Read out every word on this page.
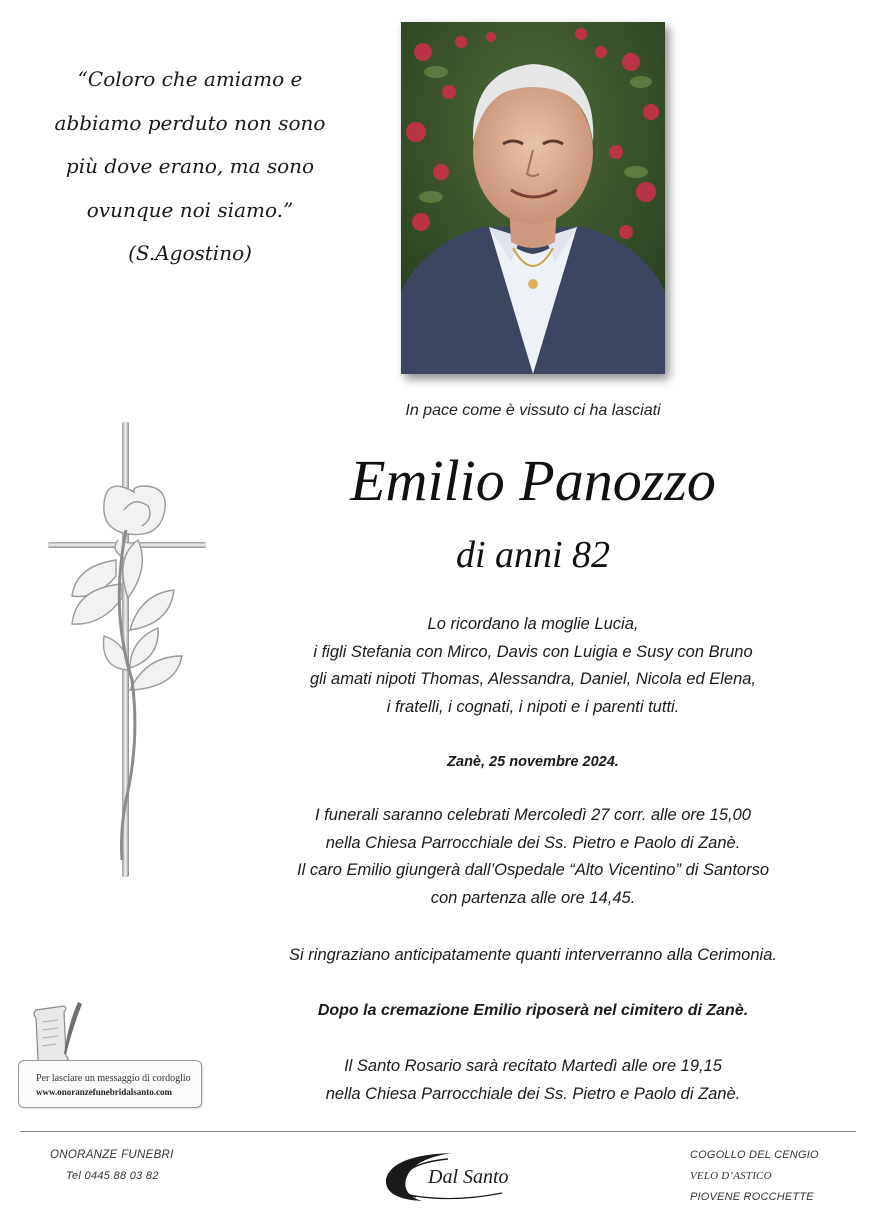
“Coloro che amiamo e
abbiamo perduto non sono
più dove erano, ma sono
ovunque noi siamo.”
(S.Agostino)
In pace come è vissuto ci ha lasciati
Emilio Panozzo
di anni 82
Lo ricordano la moglie Lucia,
i figli Stefania con Mirco, Davis con Luigia e Susy con Bruno
gli amati nipoti Thomas, Alessandra, Daniel, Nicola ed Elena,
i fratelli, i cognati, i nipoti e i parenti tutti.
Zanè, 25 novembre 2024.
I funerali saranno celebrati Mercoledì 27 corr. alle ore 15,00
nella Chiesa Parrocchiale dei Ss. Pietro e Paolo di Zanè.
Il caro Emilio giungerà dall’Ospedale “Alto Vicentino” di Santorso
con partenza alle ore 14,45.
Si ringraziano anticipatamente quanti interverranno alla Cerimonia.
Dopo la cremazione Emilio riposerà nel cimitero di Zanè.
Il Santo Rosario sarà recitato Martedì alle ore 19,15
nella Chiesa Parrocchiale dei Ss. Pietro e Paolo di Zanè.
Per lasciare un messaggio di cordoglio
www.onoranzefunebridalsanto.com
ONORANZE FUNEBRI
Tel 0445 88 03 82	Dal Santo
COGOLLO DEL CENGIO
VELO D’ASTICO
PIOVENE ROCCHETTE
